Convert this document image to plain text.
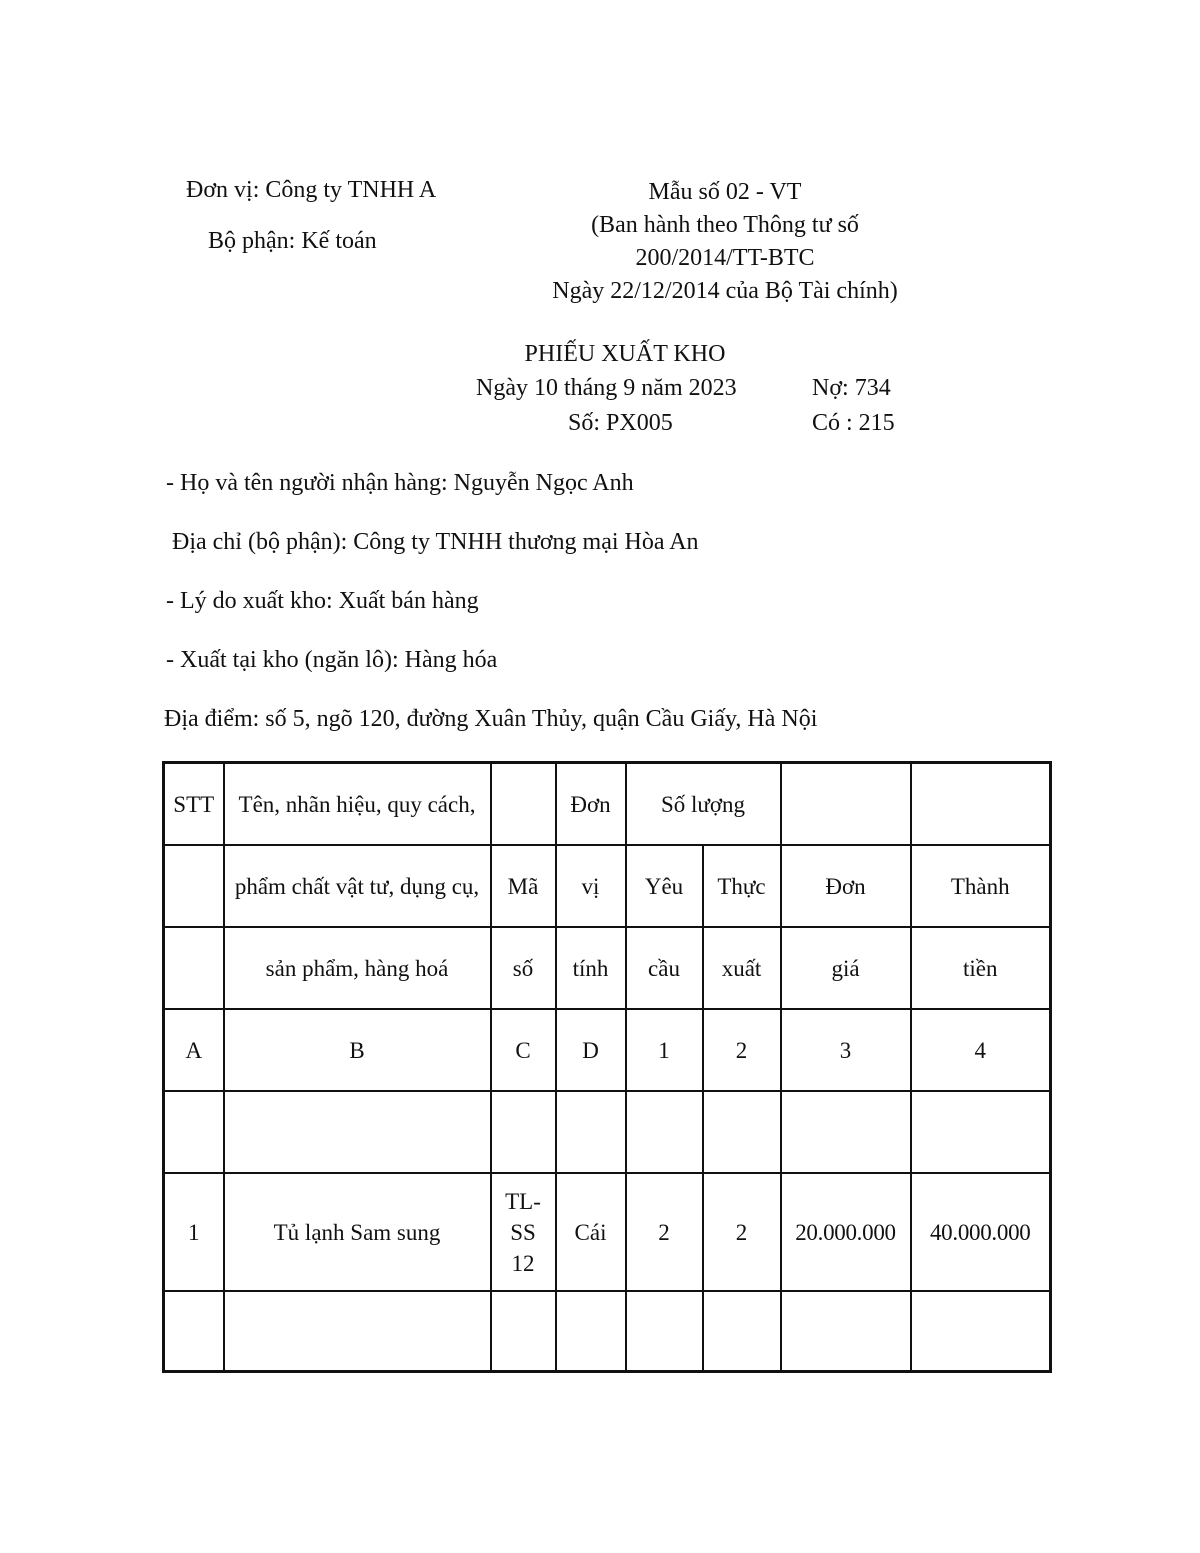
Đơn vị: Công ty TNHH A
Bộ phận: Kế toán
Mẫu số 02 - VT
(Ban hành theo Thông tư số
200/2014/TT-BTC
Ngày 22/12/2014 của Bộ Tài chính)
PHIẾU XUẤT KHO
Ngày 10 tháng 9 năm 2023
Số: PX005
Nợ: 734
Có : 215
- Họ và tên người nhận hàng: Nguyễn Ngọc Anh
Địa chỉ (bộ phận): Công ty TNHH thương mại Hòa An
- Lý do xuất kho: Xuất bán hàng
- Xuất tại kho (ngăn lô): Hàng hóa
Địa điểm: số 5, ngõ 120, đường Xuân Thủy, quận Cầu Giấy, Hà Nội
STT	Tên, nhãn hiệu, quy cách,		Đơn	Số lượng			
	phẩm chất vật tư, dụng cụ,	Mã	vị	Yêu	Thực	Đơn	Thành
	sản phẩm, hàng hoá	số	tính	cầu	xuất	giá	tiền
A	B	C	D	1	2	3	4

1	Tủ lạnh Sam sung	TL-SS 12	Cái	2	2	20.000.000	40.000.000
